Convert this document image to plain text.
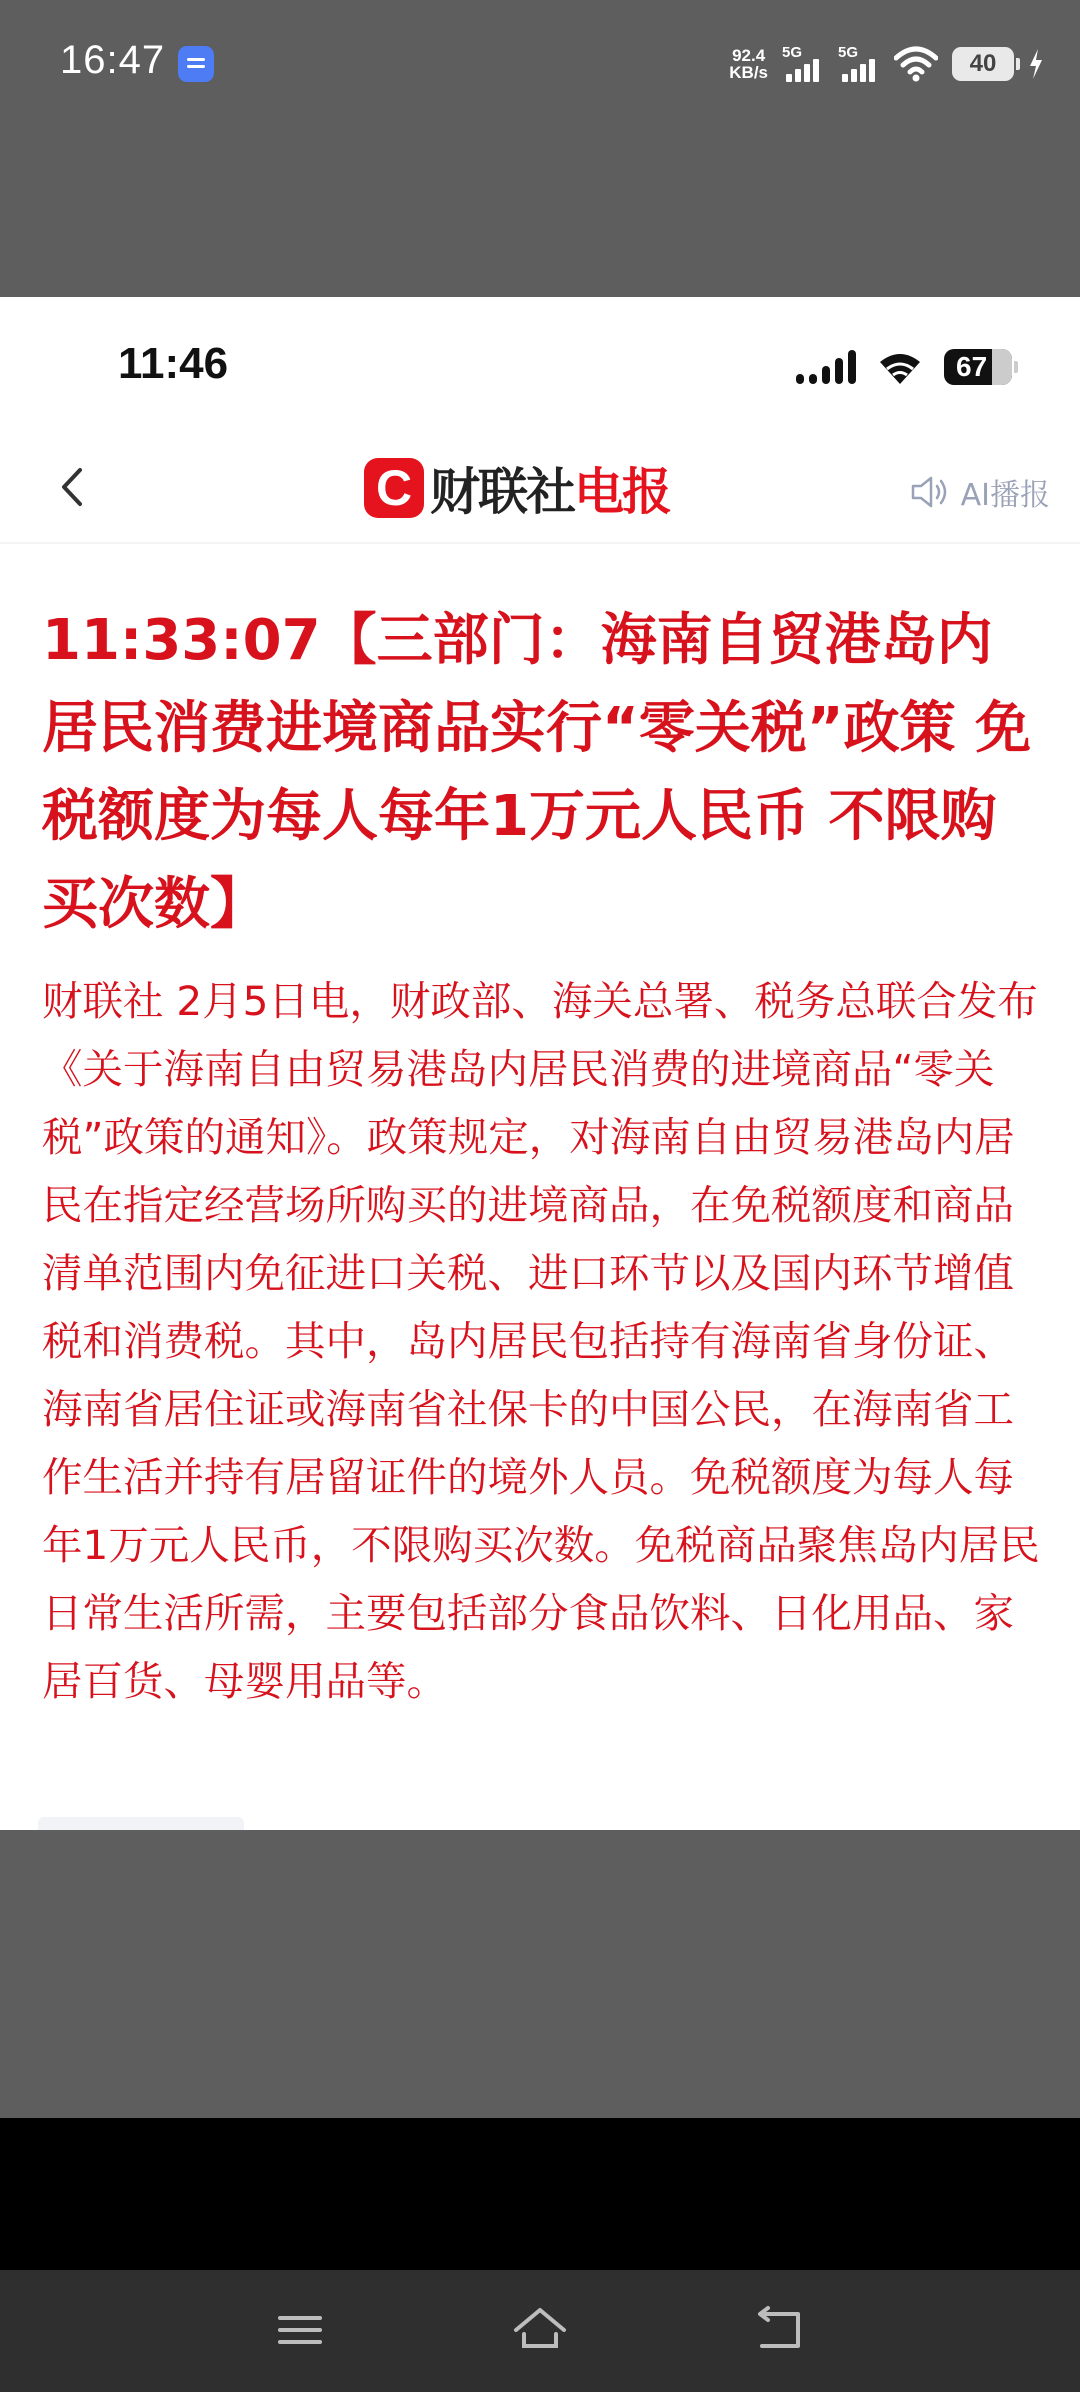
16:47	92.4
KB/s
5G 5G	40
11:46	67
C 财联社 电报	AI播报
11:33:07【三部门：海南自贸港岛内居民消费进境商品实行“零关税”政策 免税额度为每人每年1万元人民币 不限购买次数】
财联社 2月5日电，财政部、海关总署、税务总联合发布《关于海南自由贸易港岛内居民消费的进境商品“零关税”政策的通知》。政策规定，对海南自由贸易港岛内居民在指定经营场所购买的进境商品，在免税额度和商品清单范围内免征进口关税、进口环节以及国内环节增值税和消费税。其中，岛内居民包括持有海南省身份证、海南省居住证或海南省社保卡的中国公民，在海南省工作生活并持有居留证件的境外人员。免税额度为每人每年1万元人民币，不限购买次数。免税商品聚焦岛内居民日常生活所需，主要包括部分食品饮料、日化用品、家居百货、母婴用品等。
